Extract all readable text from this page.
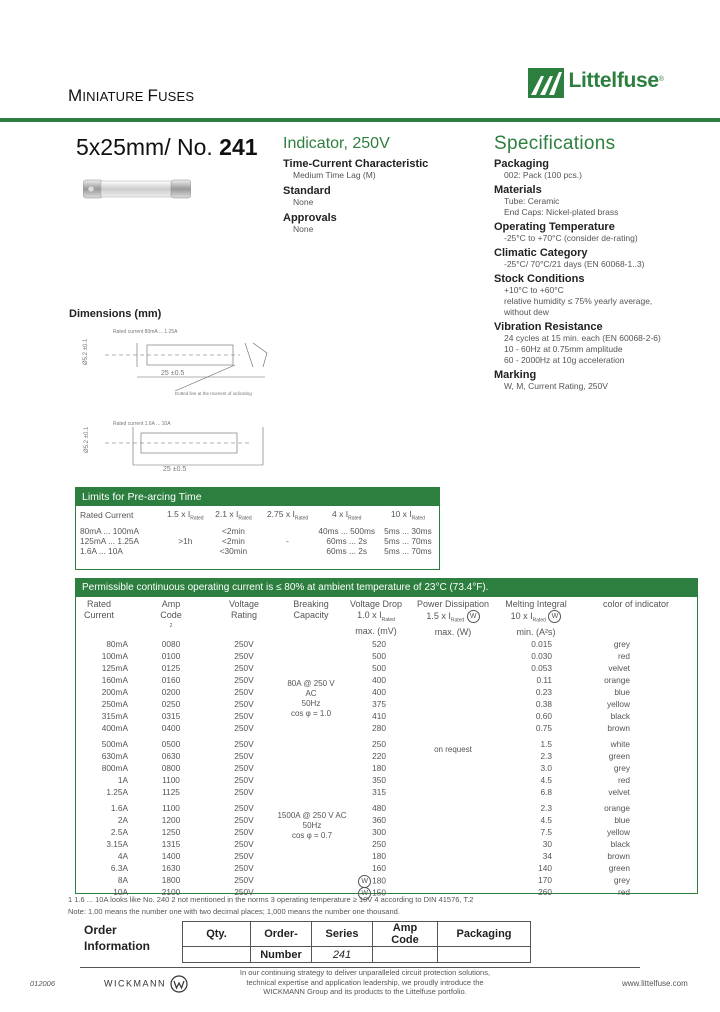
MINIATURE FUSES
Littelfuse®
5x25mm/ No. 241 Indicator, 250V
Time-Current Characteristic
Medium Time Lag (M)
Standard
None
Approvals
None
Specifications
Packaging
002: Pack (100 pcs.)
Materials
Tube: Ceramic
End Caps: Nickel-plated brass
Operating Temperature
-25°C to +70°C (consider de-rating)
Climatic Category
-25°C/ 70°C/21 days (EN 60068-1..3)
Stock Conditions
+10°C to +60°C
relative humidity ≤ 75% yearly average,
without dew
Vibration Resistance
24 cycles at 15 min. each (EN 60068-2-6)
10 - 60Hz at 0.75mm amplitude
60 - 2000Hz at 10g acceleration
Marking
W, M, Current Rating, 250V
Dimensions (mm)
Rated current 80mA ... 1.25A
25 ±0.5
Ø5.2 ±0.1
Dotted line at the moment of indicating
Rated current 1.6A ... 10A
25 ±0.5
Ø5.2 ±0.1
Limits for Pre-arcing Time
Rated Current	1.5 x $I_{Rated}$	2.1 x $I_{Rated}$	2.75 x $I_{Rated}$	4 x $I_{Rated}$	10 x $I_{Rated}$
80mA ... 100mA		<2min		40ms ... 500ms	5ms ... 30ms
125mA ... 1.25A	>1h	<2min	-	60ms ... 2s	5ms ... 70ms
1.6A ... 10A		<30min		60ms ... 2s	5ms ... 70ms
Permissible continuous operating current is ≤ 80% at ambient temperature of 23°C (73.4°F).
Rated
Current
Amp
Code
2
Voltage
Rating
Breaking
Capacity
Voltage Drop
1.0 x $I_{Rated}$
max. (mV)
Power Dissipation
1.5 x $I_{Rated}$ W
max. (W)
Melting Integral
10 x $I_{Rated}$ W
min. (A²s)
color of indicator
80A @ 250 V AC
50Hz
cos φ = 1.0
1500A @ 250 V AC
50Hz
cos φ = 0.7
on request
80mA	0080	250V	520	0.015	grey
100mA	0100	250V	500	0.030	red
125mA	0125	250V	500	0.053	velvet
160mA	0160	250V	400	0.11	orange
200mA	0200	250V	400	0.23	blue
250mA	0250	250V	375	0.38	yellow
315mA	0315	250V	410	0.60	black
400mA	0400	250V	280	0.75	brown
500mA	0500	250V	250	1.5	white
630mA	0630	250V	220	2.3	green
800mA	0800	250V	180	3.0	grey
1A	1100	250V	350	4.5	red
1.25A	1125	250V	315	6.8	velvet
1.6A	1100	250V	480	2.3	orange
2A	1200	250V	360	4.5	blue
2.5A	1250	250V	300	7.5	yellow
3.15A	1315	250V	250	30	black
4A	1400	250V	180	34	brown
6.3A	1630	250V	160	140	green
8A	1800	250V	W 180	170	grey
10A	2100	250V	W 150	260	red
1 1.6 ... 10A looks like No. 240 2 not mentioned in the norms 3 operating temperature ≥ 10V 4 according to DIN 41576, T.2
Note: 1.00 means the number one with two decimal places; 1,000 means the number one thousand.
Order
Information
Qty.	Order-	Series	Amp Code	Packaging
	Number	241		
012006	WICKMANN
In our continuing strategy to deliver unparalleled circuit protection solutions,
technical expertise and application leadership, we proudly introduce the
WICKMANN Group and its products to the Littelfuse portfolio.
www.littelfuse.com
